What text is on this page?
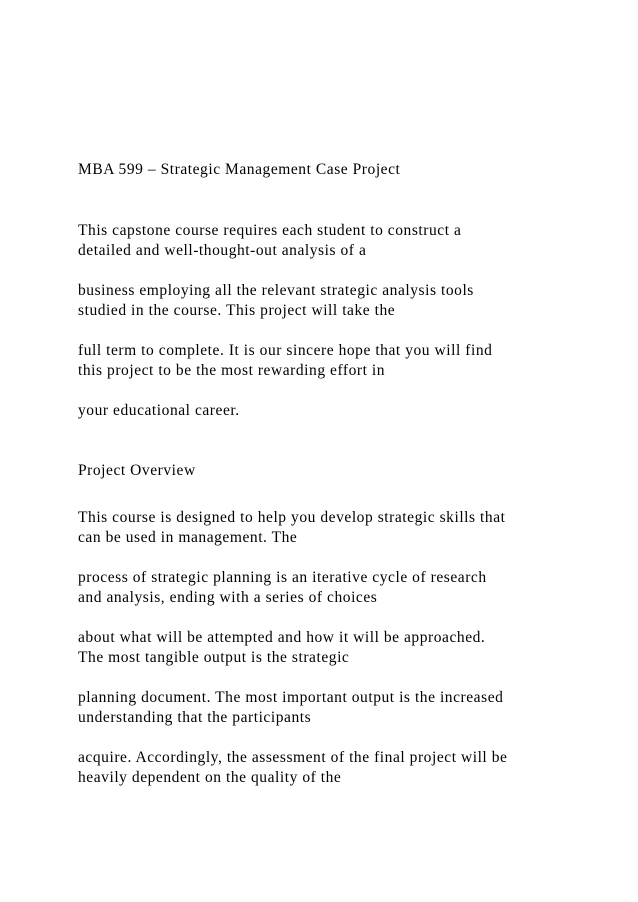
MBA 599 – Strategic Management Case Project

This capstone course requires each student to construct a

detailed and well-thought-out analysis of a

business employing all the relevant strategic analysis tools

studied in the course. This project will take the

full term to complete. It is our sincere hope that you will find

this project to be the most rewarding effort in

your educational career.

Project Overview

This course is designed to help you develop strategic skills that

can be used in management. The

process of strategic planning is an iterative cycle of research

and analysis, ending with a series of choices

about what will be attempted and how it will be approached.

The most tangible output is the strategic

planning document. The most important output is the increased

understanding that the participants

acquire. Accordingly, the assessment of the final project will be

heavily dependent on the quality of the
